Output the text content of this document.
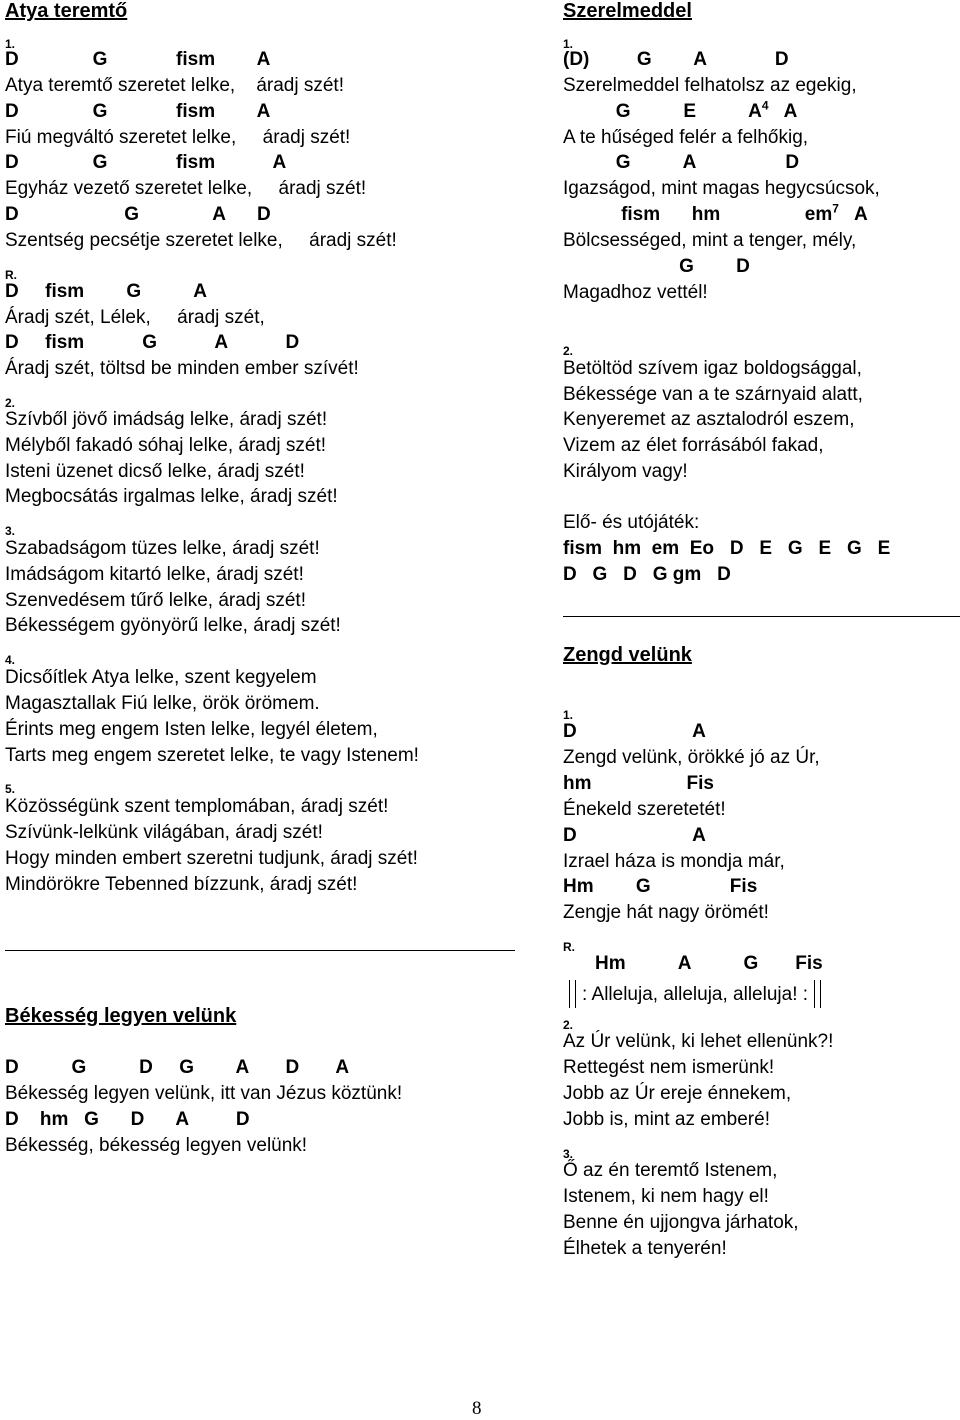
Atya teremtő
1.
D              G             fism        A
Atya teremtő szeretet lelke,    áradj szét!
D              G             fism        A
Fiú megváltó szeretet lelke,     áradj szét!
D              G             fism           A
Egyház vezető szeretet lelke,     áradj szét!
D                    G              A      D
Szentség pecsétje szeretet lelke,     áradj szét!
R.
D     fism        G          A
Áradj szét, Lélek,     áradj szét,
D     fism           G           A           D
Áradj szét, töltsd be minden ember szívét!
2.
Szívből jövő imádság lelke, áradj szét!
Mélyből fakadó sóhaj lelke, áradj szét!
Isteni üzenet dicső lelke, áradj szét!
Megbocsátás irgalmas lelke, áradj szét!
3.
Szabadságom tüzes lelke, áradj szét!
Imádságom kitartó lelke, áradj szét!
Szenvedésem tűrő lelke, áradj szét!
Békességem gyönyörű lelke, áradj szét!
4.
Dicsőítlek Atya lelke, szent kegyelem
Magasztallak Fiú lelke, örök örömem.
Érints meg engem Isten lelke, legyél életem,
Tarts meg engem szeretet lelke, te vagy Istenem!
5.
Közösségünk szent templomában, áradj szét!
Szívünk-lelkünk világában, áradj szét!
Hogy minden embert szeretni tudjunk, áradj szét!
Mindörökre Tebenned bízzunk, áradj szét!
Békesség legyen velünk
D          G          D     G        A       D       A
Békesség legyen velünk, itt van Jézus köztünk!
D    hm   G      D      A         D
Békesség, békesség legyen velünk!
Szerelmeddel
1.
(D)         G        A             D
Szerelmeddel felhatolsz az egekig,
G          E          $A^4$   A
A te hűséged felér a felhőkig,
G          A                 D
Igazságod, mint magas hegycsúcsok,
fism      hm                $em^7$   A
Bölcsességed, mint a tenger, mély,
G        D
Magadhoz vettél!
2.
Betöltöd szívem igaz boldogsággal,
Békessége van a te szárnyaid alatt,
Kenyeremet az asztalodról eszem,
Vizem az élet forrásából fakad,
Királyom vagy!
Elő- és utójáték:
fism  hm  em  Eo   D   E   G   E   G   E
D   G   D   G gm   D
Zengd velünk
1.
D                      A
Zengd velünk, örökké jó az Úr,
hm                  Fis
Énekeld szeretetét!
D                      A
Izrael háza is mondja már,
Hm        G               Fis
Zengje hát nagy örömét!
R.
Hm          A          G       Fis
: Alleluja, alleluja, alleluja! :
2.
Az Úr velünk, ki lehet ellenünk?!
Rettegést nem ismerünk!
Jobb az Úr ereje énnekem,
Jobb is, mint az emberé!
3.
Ő az én teremtő Istenem,
Istenem, ki nem hagy el!
Benne én ujjongva járhatok,
Élhetek a tenyerén!
8
